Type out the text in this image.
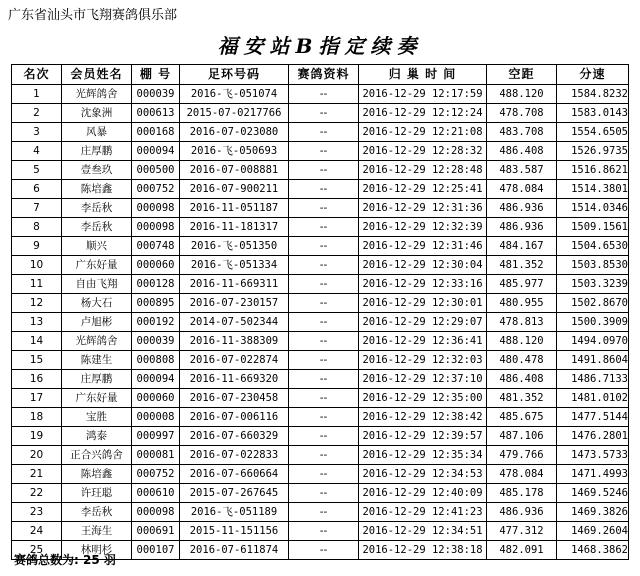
广东省汕头市飞翔赛鸽俱乐部
福安站B指定续奏
名次	会员姓名	棚 号	足环号码	赛鸽资料	归 巢 时 间	空距	分速
1	光辉鸽舍	000039	2016-飞-051074	--	2016-12-29 12:17:59	488.120	1584.8232
2	沈象洲	000613	2015-07-0217766	--	2016-12-29 12:12:24	478.708	1583.0143
3	风暴	000168	2016-07-023080	--	2016-12-29 12:21:08	483.708	1554.6505
4	庄厚鹏	000094	2016-飞-050693	--	2016-12-29 12:28:32	486.408	1526.9735
5	壹叁玖	000500	2016-07-008881	--	2016-12-29 12:28:48	483.587	1516.8621
6	陈培鑫	000752	2016-07-900211	--	2016-12-29 12:25:41	478.084	1514.3801
7	李岳秋	000098	2016-11-051187	--	2016-12-29 12:31:36	486.936	1514.0346
8	李岳秋	000098	2016-11-181317	--	2016-12-29 12:32:39	486.936	1509.1561
9	顺兴	000748	2016-飞-051350	--	2016-12-29 12:31:46	484.167	1504.6530
10	广东好量	000060	2016-飞-051334	--	2016-12-29 12:30:04	481.352	1503.8530
11	自由飞翔	000128	2016-11-669311	--	2016-12-29 12:33:16	485.977	1503.3239
12	杨大石	000895	2016-07-230157	--	2016-12-29 12:30:01	480.955	1502.8670
13	卢旭彬	000192	2014-07-502344	--	2016-12-29 12:29:07	478.813	1500.3909
14	光辉鸽舍	000039	2016-11-388309	--	2016-12-29 12:36:41	488.120	1494.0970
15	陈建生	000808	2016-07-022874	--	2016-12-29 12:32:03	480.478	1491.8604
16	庄厚鹏	000094	2016-11-669320	--	2016-12-29 12:37:10	486.408	1486.7133
17	广东好量	000060	2016-07-230458	--	2016-12-29 12:35:00	481.352	1481.0102
18	宝胜	000008	2016-07-006116	--	2016-12-29 12:38:42	485.675	1477.5144
19	鸿泰	000997	2016-07-660329	--	2016-12-29 12:39:57	487.106	1476.2801
20	正合兴鸽舍	000081	2016-07-022833	--	2016-12-29 12:35:34	479.766	1473.5733
21	陈培鑫	000752	2016-07-660664	--	2016-12-29 12:34:53	478.084	1471.4993
22	许玨聪	000610	2015-07-267645	--	2016-12-29 12:40:09	485.178	1469.5246
23	李岳秋	000098	2016-飞-051189	--	2016-12-29 12:41:23	486.936	1469.3826
24	王海生	000691	2015-11-151156	--	2016-12-29 12:34:51	477.312	1469.2604
25	林明杉	000107	2016-07-611874	--	2016-12-29 12:38:18	482.091	1468.3862
赛鸽总数为: 25 羽
